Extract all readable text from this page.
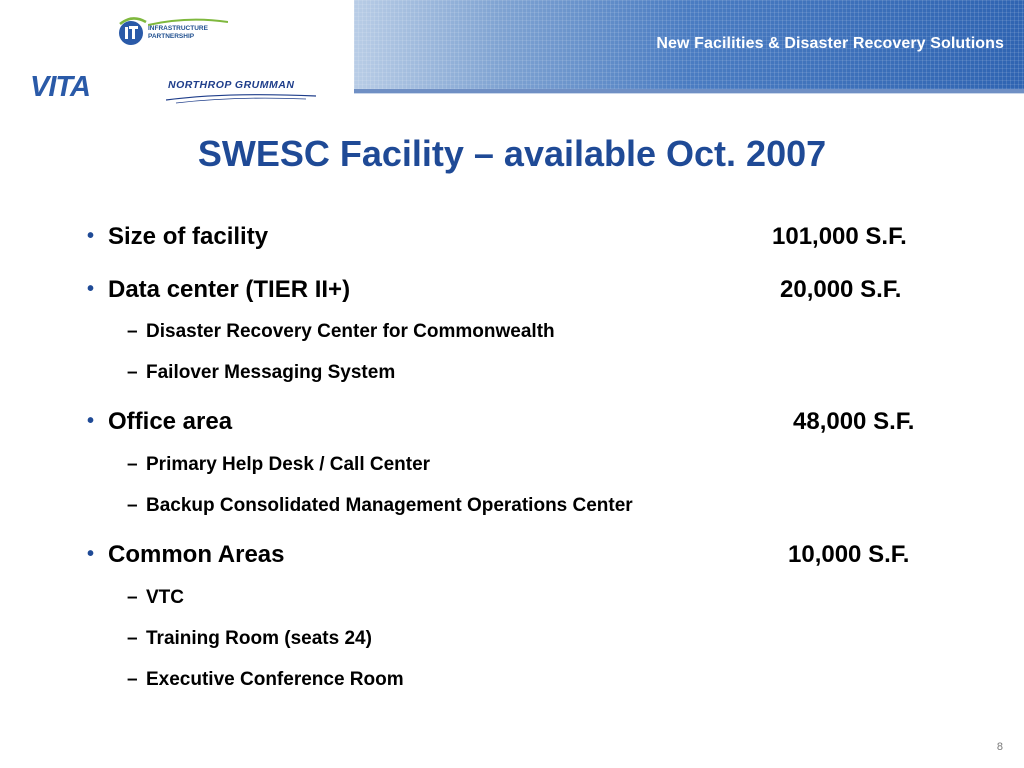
New Facilities & Disaster Recovery Solutions
INFRASTRUCTURE
PARTNERSHIP
VITA	NORTHROP GRUMMAN
SWESC Facility – available Oct. 2007
• Size of facility	101,000 S.F.
• Data center (TIER II+)	20,000 S.F.
– Disaster Recovery Center for Commonwealth
– Failover Messaging System
• Office area	48,000 S.F.
– Primary Help Desk / Call Center
– Backup Consolidated Management Operations Center
• Common Areas	10,000 S.F.
– VTC
– Training Room (seats 24)
– Executive Conference Room
8
